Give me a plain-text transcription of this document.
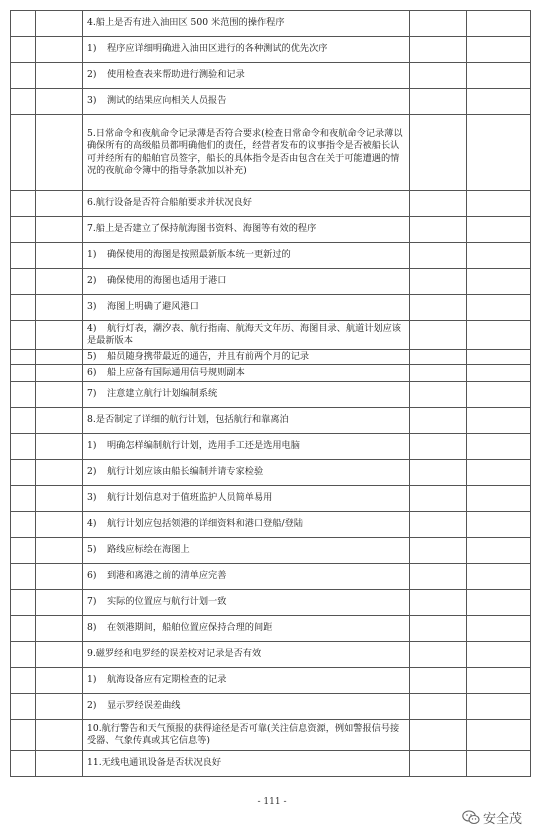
		4.船上是否有进入油田区 500 米范围的操作程序		
		1) 程序应详细明确进入油田区进行的各种测试的优先次序		
		2) 使用检查表来帮助进行测验和记录		
		3) 测试的结果应向相关人员报告		
		5.日常命令和夜航命令记录薄是否符合要求(检查日常命令和夜航命令记录薄以确保所有的高级船员都明确他们的责任，经营者发布的议事指令是否被船长认可并经所有的船舶官员签字，船长的具体指令是否由包含在关于可能遭遇的情况的夜航命令簿中的指导条款加以补充)		
		6.航行设备是否符合船舶要求并状况良好		
		7.船上是否建立了保持航海图书资料、海图等有效的程序		
		1) 确保使用的海图是按照最新版本统一更新过的		
		2) 确保使用的海图也适用于港口		
		3) 海图上明确了避风港口		
		4) 航行灯表，潮汐表、航行指南、航海天文年历、海图目录、航道计划应该是最新版本		
		5) 船员随身携带最近的通告，并且有前两个月的记录		
		6) 船上应备有国际通用信号规则副本		
		7) 注意建立航行计划编制系统		
		8.是否制定了详细的航行计划，包括航行和靠离泊		
		1) 明确怎样编制航行计划，选用手工还是选用电脑		
		2) 航行计划应该由船长编制并请专家检验		
		3) 航行计划信息对于值班监护人员简单易用		
		4) 航行计划应包括领港的详细资料和港口登船/登陆		
		5) 路线应标绘在海图上		
		6) 到港和离港之前的清单应完善		
		7) 实际的位置应与航行计划一致		
		8) 在领港期间，船舶位置应保持合理的间距		
		9.磁罗经和电罗经的误差校对记录是否有效		
		1) 航海设备应有定期检查的记录		
		2) 显示罗经误差曲线		
		10.航行警告和天气预报的获得途径是否可靠(关注信息资源，例如警报信号接受器、气象传真或其它信息等)		
		11.无线电通讯设备是否状况良好		
- 111 -
安全茂
